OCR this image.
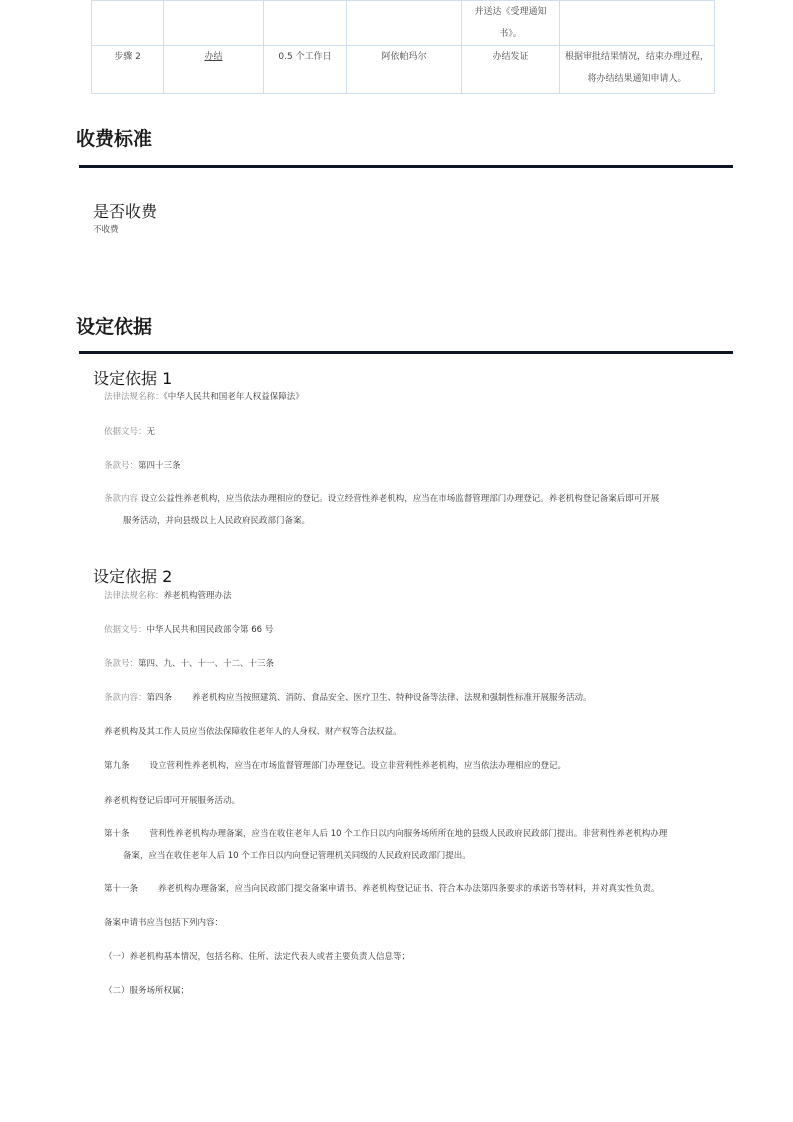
				并送达《受理通知
书》。	

步骤 2	办结	0.5 个工作日	阿依帕玛尔	办结发证	根据审批结果情况，结束办理过程，
将办结结果通知申请人。
收费标准
是否收费
不收费
设定依据
设定依据 1
法律法规名称：《中华人民共和国老年人权益保障法》
依据文号：无
条款号：第四十三条
条款内容 设立公益性养老机构，应当依法办理相应的登记。设立经营性养老机构，应当在市场监督管理部门办理登记。养老机构登记备案后即可开展
服务活动，并向县级以上人民政府民政部门备案。
设定依据 2
法律法规名称：养老机构管理办法
依据文号：中华人民共和国民政部令第 66 号
条款号：第四、九、十、十一、十二、十三条
条款内容：第四条 养老机构应当按照建筑、消防、食品安全、医疗卫生、特种设备等法律、法规和强制性标准开展服务活动。
养老机构及其工作人员应当依法保障收住老年人的人身权、财产权等合法权益。
第九条 设立营利性养老机构，应当在市场监督管理部门办理登记。设立非营利性养老机构，应当依法办理相应的登记。
养老机构登记后即可开展服务活动。
第十条 营利性养老机构办理备案，应当在收住老年人后 10 个工作日以内向服务场所所在地的县级人民政府民政部门提出。非营利性养老机构办理
备案，应当在收住老年人后 10 个工作日以内向登记管理机关同级的人民政府民政部门提出。
第十一条 养老机构办理备案，应当向民政部门提交备案申请书、养老机构登记证书、符合本办法第四条要求的承诺书等材料，并对真实性负责。
备案申请书应当包括下列内容：
（一）养老机构基本情况，包括名称、住所、法定代表人或者主要负责人信息等；
（二）服务场所权属；
